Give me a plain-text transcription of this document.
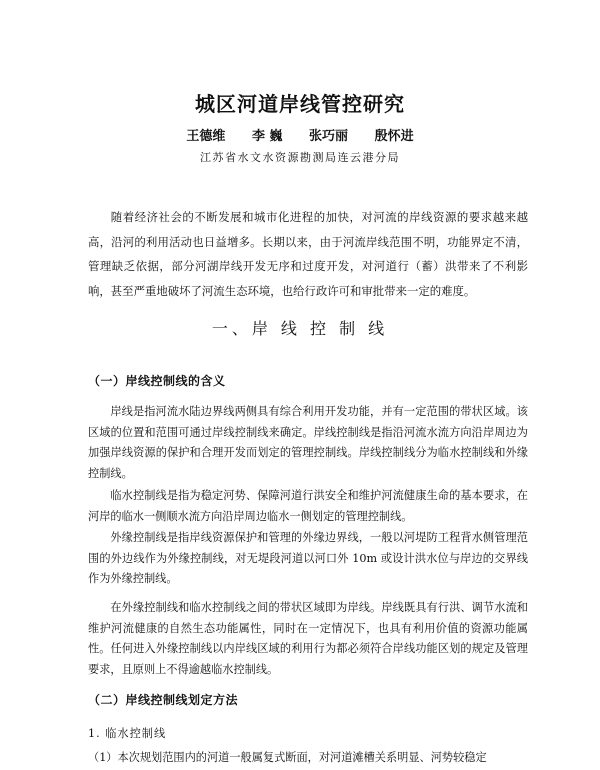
城区河道岸线管控研究
王德维 李 巍 张巧丽 殷怀进
江苏省水文水资源勘测局连云港分局

随着经济社会的不断发展和城市化进程的加快，对河流的岸线资源的要求越来越高，沿河的利用活动也日益增多。长期以来，由于河流岸线范围不明，功能界定不清，管理缺乏依据，部分河湖岸线开发无序和过度开发，对河道行（蓄）洪带来了不利影响，甚至严重地破坏了河流生态环境，也给行政许可和审批带来一定的难度。

一、岸 线 控 制 线
（一）岸线控制线的含义

岸线是指河流水陆边界线两侧具有综合利用开发功能，并有一定范围的带状区域。该区域的位置和范围可通过岸线控制线来确定。岸线控制线是指沿河流水流方向沿岸周边为加强岸线资源的保护和合理开发而划定的管理控制线。岸线控制线分为临水控制线和外缘控制线。

临水控制线是指为稳定河势、保障河道行洪安全和维护河流健康生命的基本要求，在河岸的临水一侧顺水流方向沿岸周边临水一侧划定的管理控制线。

外缘控制线是指岸线资源保护和管理的外缘边界线，一般以河堤防工程背水侧管理范围的外边线作为外缘控制线，对无堤段河道以河口外 10m 或设计洪水位与岸边的交界线作为外缘控制线。

在外缘控制线和临水控制线之间的带状区域即为岸线。岸线既具有行洪、调节水流和维护河流健康的自然生态功能属性，同时在一定情况下，也具有利用价值的资源功能属性。任何进入外缘控制线以内岸线区域的利用行为都必须符合岸线功能区划的规定及管理要求，且原则上不得逾越临水控制线。

（二）岸线控制线划定方法
1. 临水控制线
（1）本次规划范围内的河道一般属复式断面，对河道滩槽关系明显、河势较稳定
